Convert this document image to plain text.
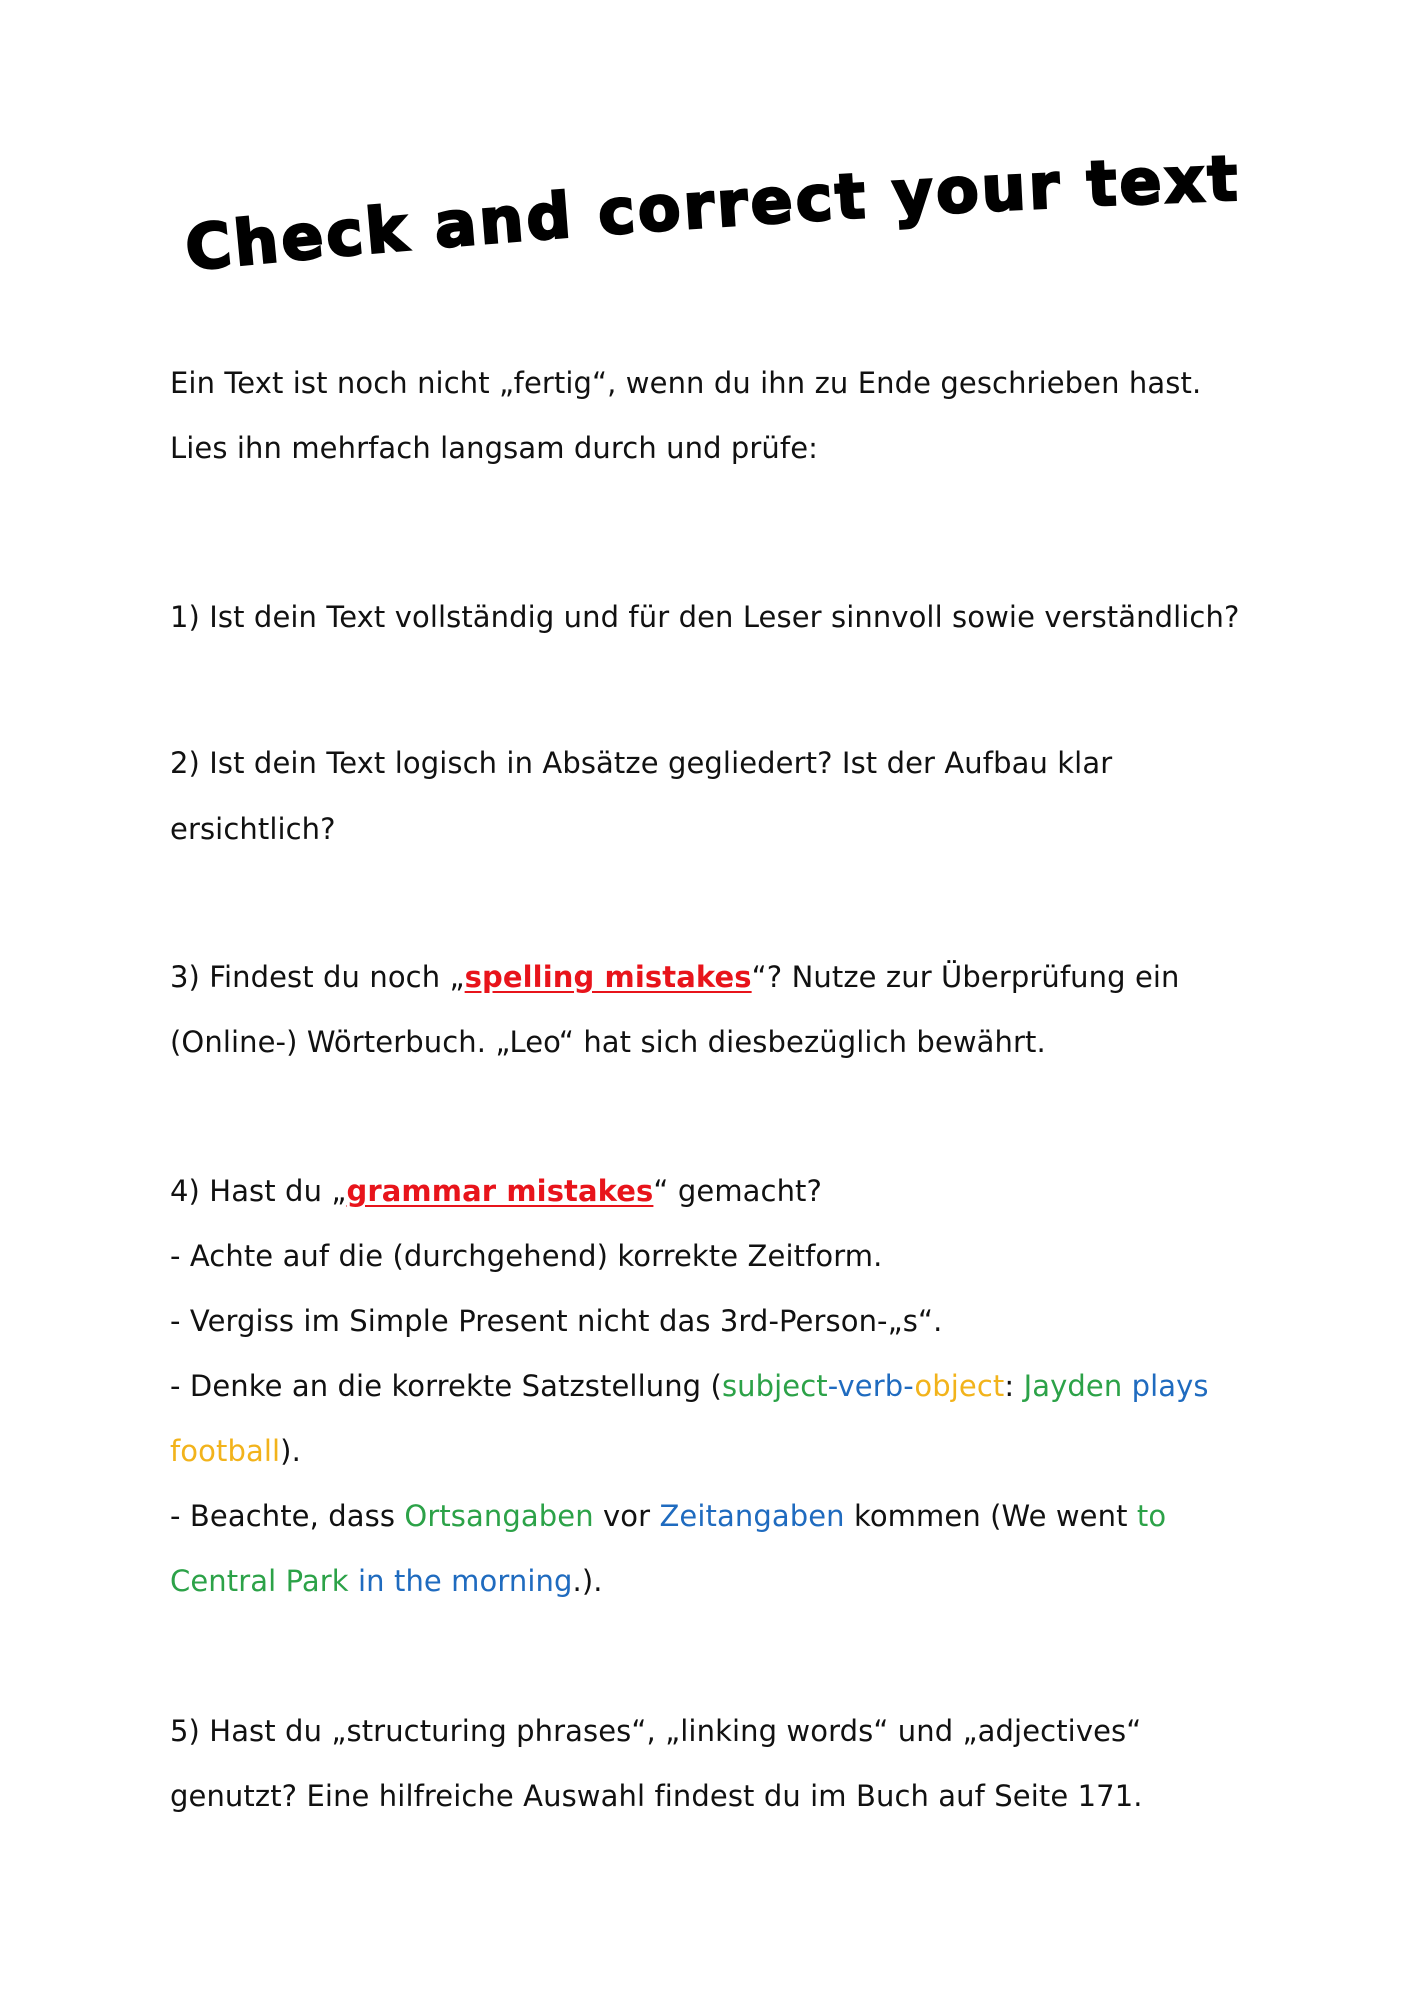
Check and correct your text
Ein Text ist noch nicht „fertig“, wenn du ihn zu Ende geschrieben hast.
Lies ihn mehrfach langsam durch und prüfe:
1) Ist dein Text vollständig und für den Leser sinnvoll sowie verständlich?
2) Ist dein Text logisch in Absätze gegliedert? Ist der Aufbau klar
ersichtlich?
3) Findest du noch „spelling mistakes“? Nutze zur Überprüfung ein
(Online-) Wörterbuch. „Leo“ hat sich diesbezüglich bewährt.
4) Hast du „grammar mistakes“ gemacht?
- Achte auf die (durchgehend) korrekte Zeitform.
- Vergiss im Simple Present nicht das 3rd-Person-„s“.
- Denke an die korrekte Satzstellung (subject-verb-object: Jayden plays
football).
- Beachte, dass Ortsangaben vor Zeitangaben kommen (We went to
Central Park in the morning.).
5) Hast du „structuring phrases“, „linking words“ und „adjectives“
genutzt? Eine hilfreiche Auswahl findest du im Buch auf Seite 171.
